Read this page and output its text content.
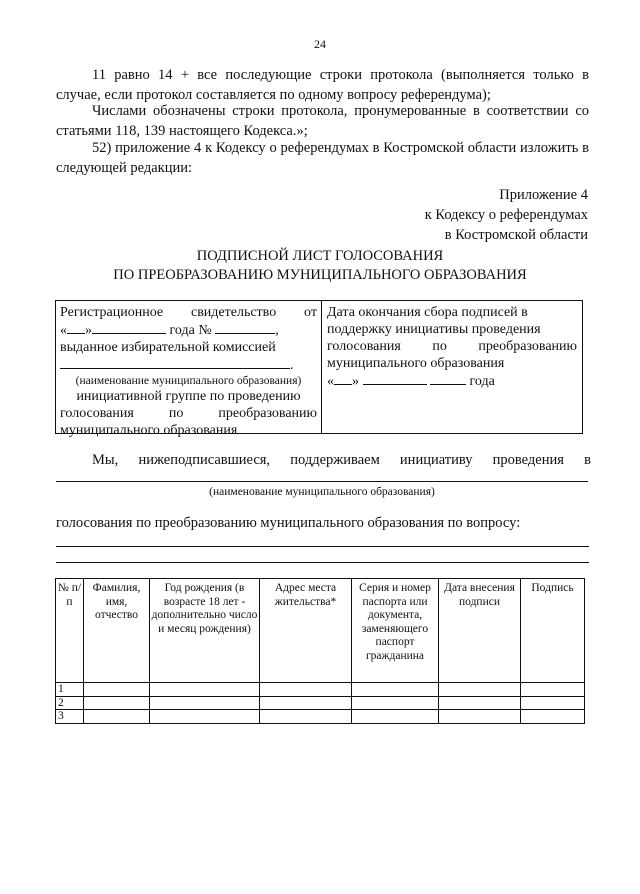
24
11 равно 14 + все последующие строки протокола (выполняется только в случае, если протокол составляется по одному вопросу референдума);
Числами обозначены строки протокола, пронумерованные в соответствии со статьями 118, 139 настоящего Кодекса.»;
52) приложение 4 к Кодексу о референдумах в Костромской области изложить в следующей редакции:
Приложение 4
к Кодексу о референдумах
в Костромской области
ПОДПИСНОЙ ЛИСТ ГОЛОСОВАНИЯ
ПО ПРЕОБРАЗОВАНИЮ МУНИЦИПАЛЬНОГО ОБРАЗОВАНИЯ
Регистрационное свидетельство от
« »	года №	,
выданное избирательной комиссией
.
(наименование муниципального образования)
инициативной группе по проведению
голосования	по	преобразованию
муниципального образования
Дата окончания сбора подписей в
поддержку инициативы проведения
голосования по преобразованию
муниципального образования
« »	года
Мы, нижеподписавшиеся, поддерживаем инициативу проведения в
(наименование муниципального образования)
голосования по преобразованию муниципального образования по вопросу:
№ п/п	Фамилия, имя, отчество	Год рождения (в возрасте 18 лет - дополнительно число и месяц рождения)	Адрес места жительства*	Серия и номер паспорта или документа, заменяющего паспорт гражданина	Дата внесения подписи	Подпись
1						
2						
3						
